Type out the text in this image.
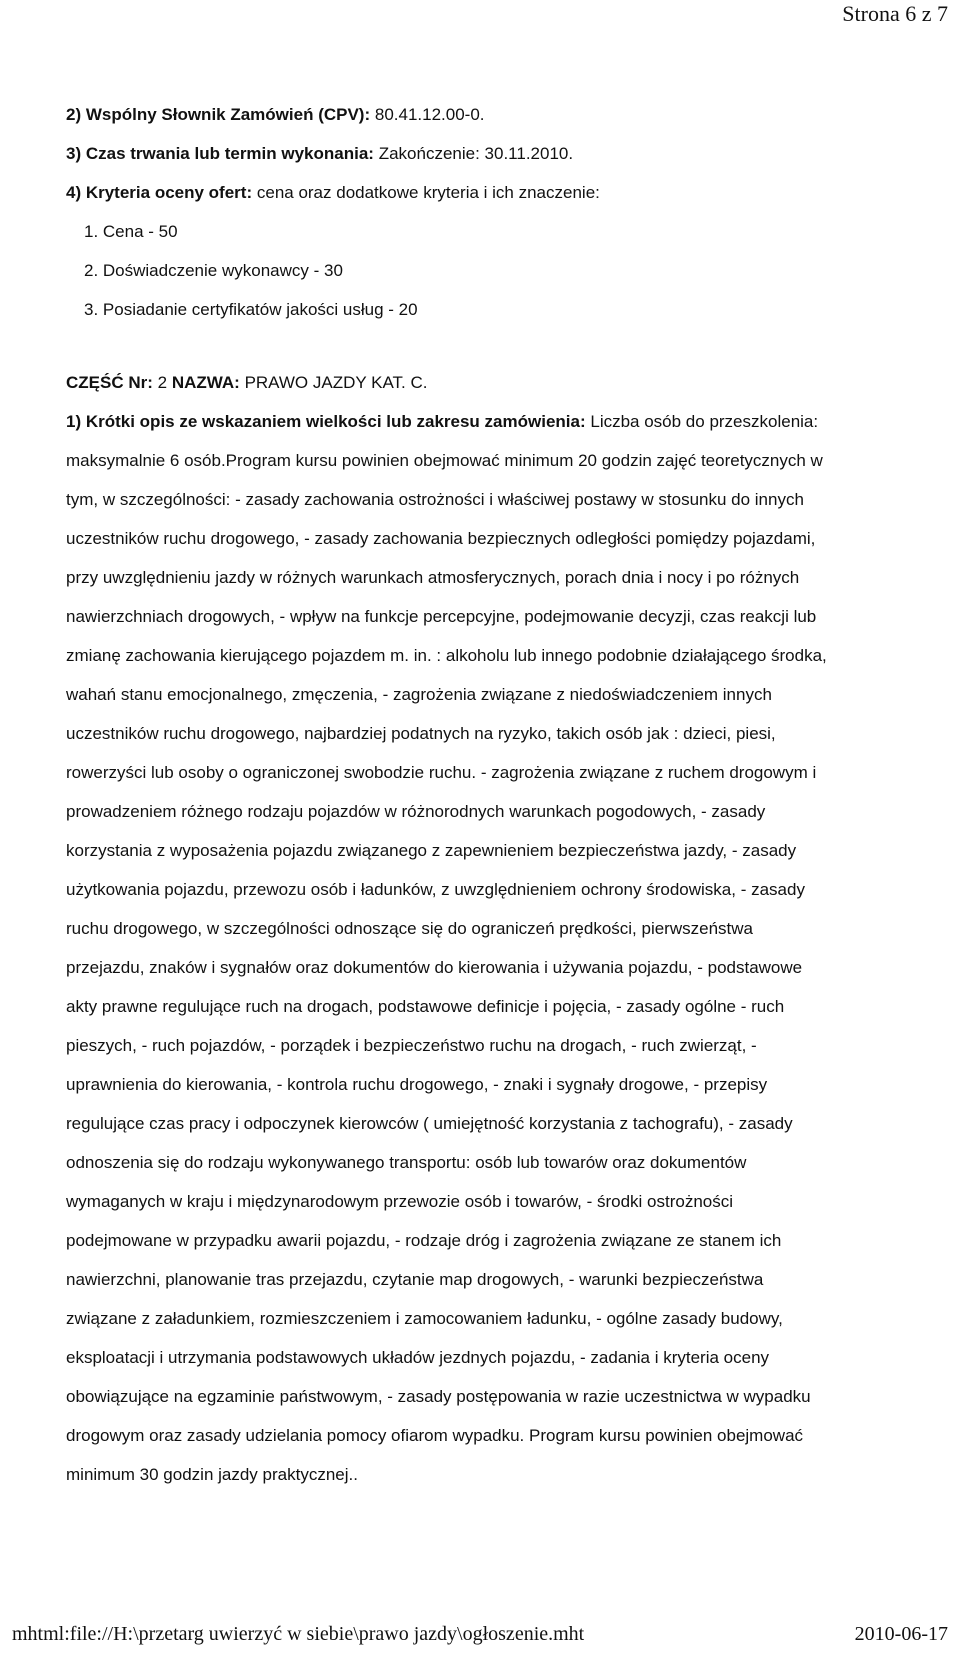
Strona 6 z 7
2) Wspólny Słownik Zamówień (CPV): 80.41.12.00-0.
3) Czas trwania lub termin wykonania: Zakończenie: 30.11.2010.
4) Kryteria oceny ofert: cena oraz dodatkowe kryteria i ich znaczenie:
1. Cena - 50
2. Doświadczenie wykonawcy - 30
3. Posiadanie certyfikatów jakości usług - 20
CZĘŚĆ Nr: 2 NAZWA: PRAWO JAZDY KAT. C.
1) Krótki opis ze wskazaniem wielkości lub zakresu zamówienia: Liczba osób do przeszkolenia:
maksymalnie 6 osób.Program kursu powinien obejmować minimum 20 godzin zajęć teoretycznych w
tym, w szczególności: - zasady zachowania ostrożności i właściwej postawy w stosunku do innych
uczestników ruchu drogowego, - zasady zachowania bezpiecznych odległości pomiędzy pojazdami,
przy uwzględnieniu jazdy w różnych warunkach atmosferycznych, porach dnia i nocy i po różnych
nawierzchniach drogowych, - wpływ na funkcje percepcyjne, podejmowanie decyzji, czas reakcji lub
zmianę zachowania kierującego pojazdem m. in. : alkoholu lub innego podobnie działającego środka,
wahań stanu emocjonalnego, zmęczenia, - zagrożenia związane z niedoświadczeniem innych
uczestników ruchu drogowego, najbardziej podatnych na ryzyko, takich osób jak : dzieci, piesi,
rowerzyści lub osoby o ograniczonej swobodzie ruchu. - zagrożenia związane z ruchem drogowym i
prowadzeniem różnego rodzaju pojazdów w różnorodnych warunkach pogodowych, - zasady
korzystania z wyposażenia pojazdu związanego z zapewnieniem bezpieczeństwa jazdy, - zasady
użytkowania pojazdu, przewozu osób i ładunków, z uwzględnieniem ochrony środowiska, - zasady
ruchu drogowego, w szczególności odnoszące się do ograniczeń prędkości, pierwszeństwa
przejazdu, znaków i sygnałów oraz dokumentów do kierowania i używania pojazdu, - podstawowe
akty prawne regulujące ruch na drogach, podstawowe definicje i pojęcia, - zasady ogólne - ruch
pieszych, - ruch pojazdów, - porządek i bezpieczeństwo ruchu na drogach, - ruch zwierząt, -
uprawnienia do kierowania, - kontrola ruchu drogowego, - znaki i sygnały drogowe, - przepisy
regulujące czas pracy i odpoczynek kierowców ( umiejętność korzystania z tachografu), - zasady
odnoszenia się do rodzaju wykonywanego transportu: osób lub towarów oraz dokumentów
wymaganych w kraju i międzynarodowym przewozie osób i towarów, - środki ostrożności
podejmowane w przypadku awarii pojazdu, - rodzaje dróg i zagrożenia związane ze stanem ich
nawierzchni, planowanie tras przejazdu, czytanie map drogowych, - warunki bezpieczeństwa
związane z załadunkiem, rozmieszczeniem i zamocowaniem ładunku, - ogólne zasady budowy,
eksploatacji i utrzymania podstawowych układów jezdnych pojazdu, - zadania i kryteria oceny
obowiązujące na egzaminie państwowym, - zasady postępowania w razie uczestnictwa w wypadku
drogowym oraz zasady udzielania pomocy ofiarom wypadku. Program kursu powinien obejmować
minimum 30 godzin jazdy praktycznej..
mhtml:file://H:\przetarg uwierzyć w siebie\prawo jazdy\ogłoszenie.mht	2010-06-17
